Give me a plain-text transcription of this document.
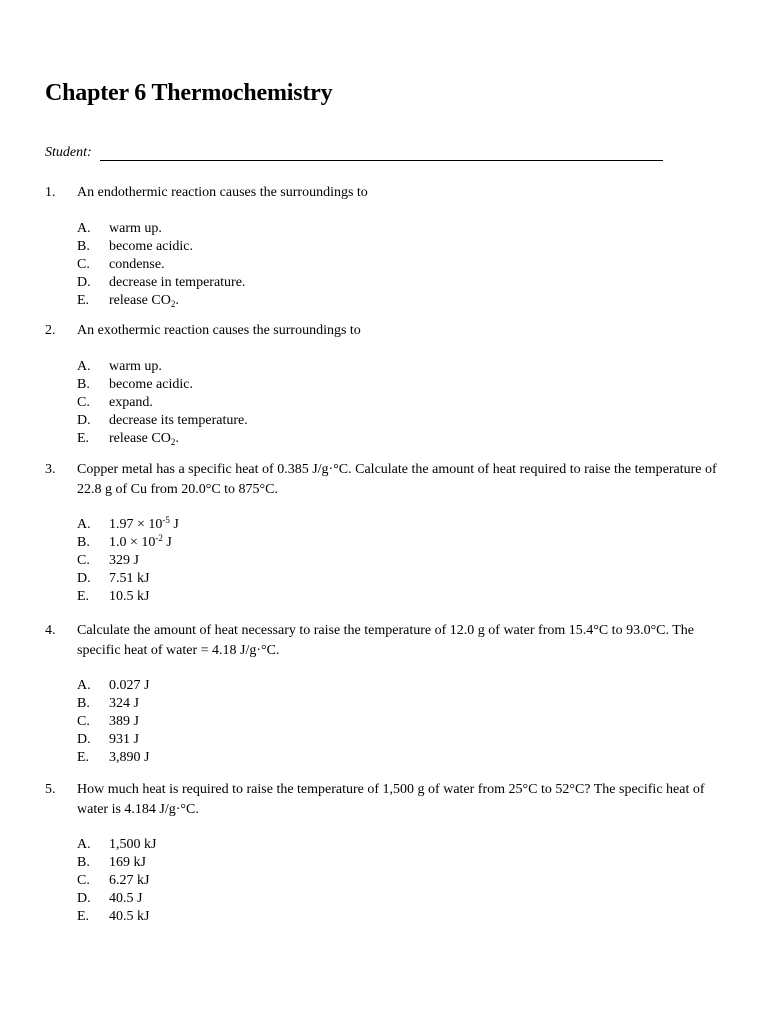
Chapter 6 Thermochemistry
Student:
1.	An endothermic reaction causes the surroundings to
A.	warm up.
B.	become acidic.
C.	condense.
D.	decrease in temperature.
E.	release $CO_2$.
2.	An exothermic reaction causes the surroundings to
A.	warm up.
B.	become acidic.
C.	expand.
D.	decrease its temperature.
E.	release $CO_2$.
3.	Copper metal has a specific heat of 0.385 J/g·°C. Calculate the amount of heat required to raise the temperature of 22.8 g of Cu from 20.0°C to 875°C.
A.	$1.97 \times 10^{-5}$ J
B.	$1.0 \times 10^{-2}$ J
C.	329 J
D.	7.51 kJ
E.	10.5 kJ
4.	Calculate the amount of heat necessary to raise the temperature of 12.0 g of water from 15.4°C to 93.0°C. The specific heat of water = 4.18 J/g·°C.
A.	0.027 J
B.	324 J
C.	389 J
D.	931 J
E.	3,890 J
5.	How much heat is required to raise the temperature of 1,500 g of water from 25°C to 52°C? The specific heat of water is 4.184 J/g·°C.
A.	1,500 kJ
B.	169 kJ
C.	6.27 kJ
D.	40.5 J
E.	40.5 kJ
